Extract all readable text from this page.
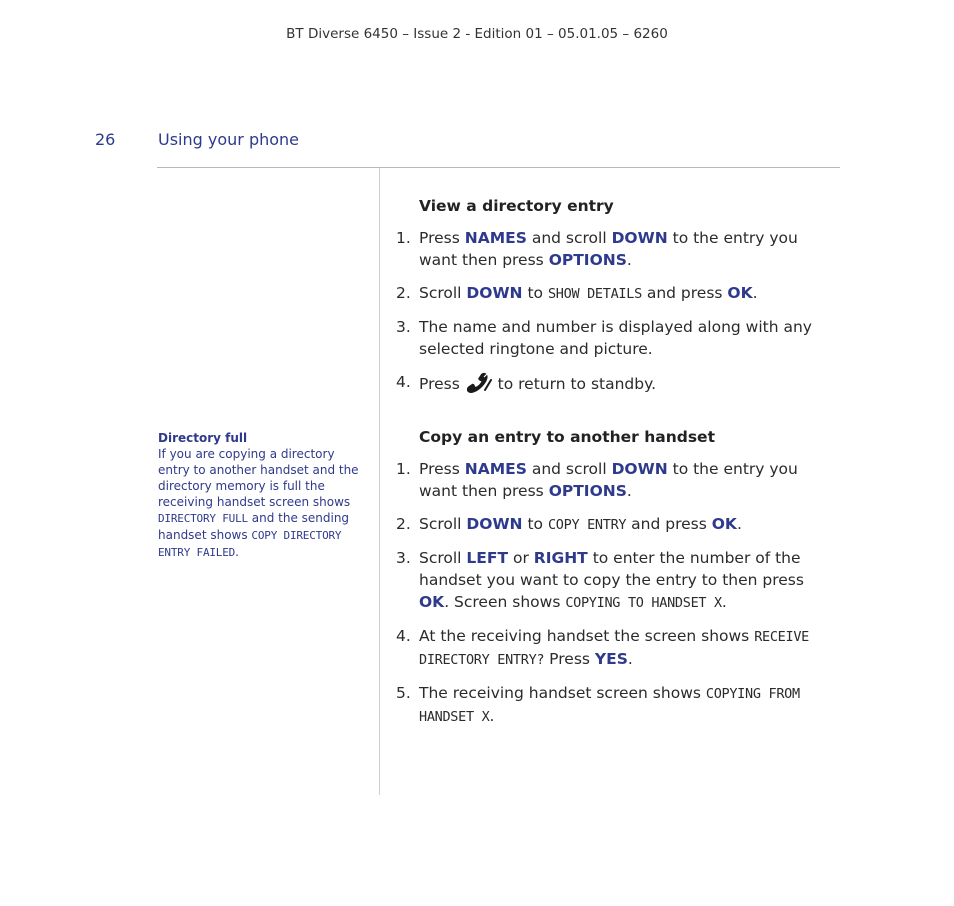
BT Diverse 6450 – Issue 2 - Edition 01 – 05.01.05 – 6260
26	Using your phone
Directory full
If you are copying a directory entry to another handset and the directory memory is full the receiving handset screen shows DIRECTORY FULL and the sending handset shows COPY DIRECTORY ENTRY FAILED.
View a directory entry
1. Press NAMES and scroll DOWN to the entry you want then press OPTIONS.
2. Scroll DOWN to SHOW DETAILS and press OK.
3. The name and number is displayed along with any selected ringtone and picture.
4. Press  to return to standby.
Copy an entry to another handset
1. Press NAMES and scroll DOWN to the entry you want then press OPTIONS.
2. Scroll DOWN to COPY ENTRY and press OK.
3. Scroll LEFT or RIGHT to enter the number of the handset you want to copy the entry to then press OK. Screen shows COPYING TO HANDSET X.
4. At the receiving handset the screen shows RECEIVE DIRECTORY ENTRY? Press YES.
5. The receiving handset screen shows COPYING FROM HANDSET X.
